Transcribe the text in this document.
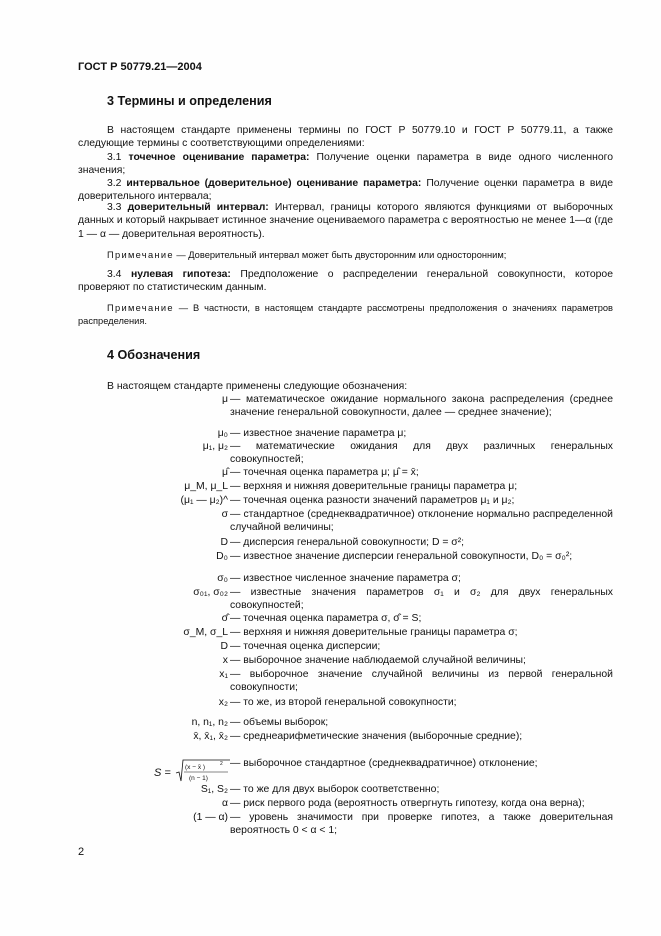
ГОСТ Р 50779.21—2004
3 Термины и определения
В настоящем стандарте применены термины по ГОСТ Р 50779.10 и ГОСТ Р 50779.11, а также следующие термины с соответствующими определениями:
3.1 точечное оценивание параметра: Получение оценки параметра в виде одного численного значения;
3.2 интервальное (доверительное) оценивание параметра: Получение оценки параметра в виде доверительного интервала;
3.3 доверительный интервал: Интервал, границы которого являются функциями от выборочных данных и который накрывает истинное значение оцениваемого параметра с вероятностью не менее 1—α (где 1 — α — доверительная вероятность).
Примечание — Доверительный интервал может быть двусторонним или односторонним;
3.4 нулевая гипотеза: Предположение о распределении генеральной совокупности, которое проверяют по статистическим данным.
Примечание — В частности, в настоящем стандарте рассмотрены предположения о значениях параметров распределения.
4 Обозначения
В настоящем стандарте применены следующие обозначения:
μ — математическое ожидание нормального закона распределения (среднее значение генеральной совокупности, далее — среднее значение);
μ₀ — известное значение параметра μ;
μ₁, μ₂ — математические ожидания для двух различных генеральных совокупностей;
μ̂ — точечная оценка параметра μ; μ̂ = x̄;
μ_M, μ_L — верхняя и нижняя доверительные границы параметра μ;
(μ₁ — μ₂)^ — точечная оценка разности значений параметров μ₁ и μ₂;
σ — стандартное (среднеквадратичное) отклонение нормально распределенной случайной величины;
D — дисперсия генеральной совокупности; D = σ²;
D₀ — известное значение дисперсии генеральной совокупности, D₀ = σ₀²;
σ₀ — известное численное значение параметра σ;
σ₀₁, σ₀₂ — известные значения параметров σ₁ и σ₂ для двух генеральных совокупностей;
σ̂ — точечная оценка параметра σ, σ̂ = S;
σ_M, σ_L — верхняя и нижняя доверительные границы параметра σ;
D — точечная оценка дисперсии;
x — выборочное значение наблюдаемой случайной величины;
x₁ — выборочное значение случайной величины из первой генеральной совокупности;
x₂ — то же, из второй генеральной совокупности;
n, n₁, n₂ — объемы выборок;
x̄, x̄₁, x̄₂ — среднеарифметические значения (выборочные средние);
— выборочное стандартное (среднеквадратичное) отклонение;
S₁, S₂ — то же для двух выборок соответственно;
α — риск первого рода (вероятность отвергнуть гипотезу, когда она верна);
(1 — α) — уровень значимости при проверке гипотез, а также доверительная вероятность 0 < α < 1;
S = (x − x̄ )	2
(n − 1)
2
